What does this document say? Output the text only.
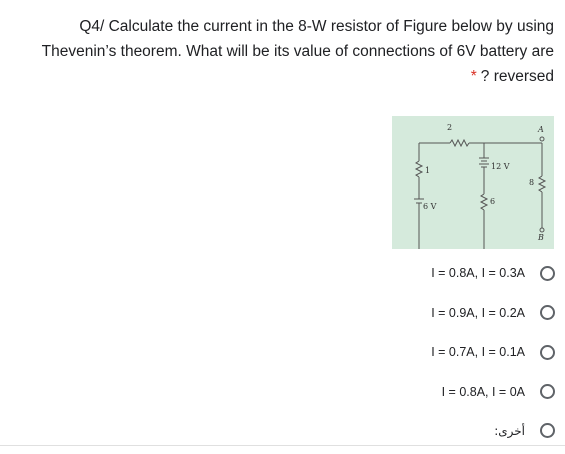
Q4/ Calculate the current in the 8-W resistor of Figure below by using
Thevenin’s theorem. What will be its value of connections of 6V battery are
* ? reversed
2
1	12 V
6
6 V
8
A
B
I = 0.8A, I = 0.3A
I = 0.9A, I = 0.2A
I = 0.7A, I = 0.1A
I = 0.8A, I = 0A
أخرى:
